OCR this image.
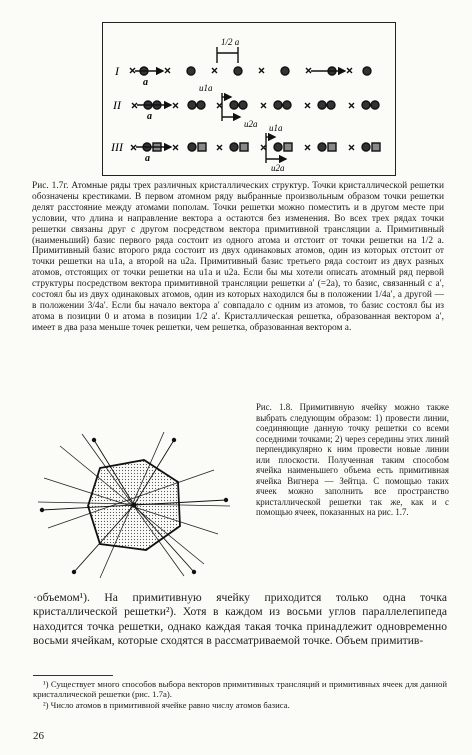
I
a
1/2 a
II
a
u1a
u2a
III
a
u1a
u2a
Рис. 1.7г. Атомные ряды трех различных кристаллических структур. Точки кристаллической решетки обозначены крестиками. В первом атомном ряду выбранные произвольным образом точки решетки делят расстояние между атомами пополам. Точки решетки можно поместить и в другом месте при условии, что длина и направление вектора a остаются без изменения. Во всех трех рядах точки решетки связаны друг с другом посредством вектора примитивной трансляции a. Примитивный (наименьший) базис первого ряда состоит из одного атома и отстоит от точки решетки на 1/2 a. Примитивный базис второго ряда состоит из двух одинаковых атомов, один из которых отстоит от точки решетки на u1a, а второй на u2a. Примитивный базис третьего ряда состоит из двух разных атомов, отстоящих от точки решетки на u1a и u2a. Если бы мы хотели описать атомный ряд первой структуры посредством вектора примитивной трансляции решетки a′ (=2a), то базис, связанный с a′, состоял бы из двух одинаковых атомов, один из которых находился бы в положении 1/4a′, а другой — в положении 3/4a′. Если бы начало вектора a′ совпадало с одним из атомов, то базис состоял бы из атома в позиции 0 и атома в позиции 1/2 a′. Кристаллическая решетка, образованная вектором a′, имеет в два раза меньше точек решетки, чем решетка, образованная вектором a.
Рис. 1.8. Примитивную ячейку можно также выбрать следующим образом: 1) провести линии, соединяющие данную точку решетки со всеми соседними точками; 2) через середины этих линий перпендикулярно к ним провести новые линии или плоскости. Полученная таким способом ячейка наименьшего объема есть примитивная ячейка Вигнера — Зейтца. С помощью таких ячеек можно заполнить все пространство кристаллической решетки так же, как и с помощью ячеек, показанных на рис. 1.7.

·объемом¹). На примитивную ячейку приходится только одна точка кристаллической решетки²). Хотя в каждом из восьми углов параллелепипеда находится точка решетки, однако каждая такая точка принадлежит одновременно восьми ячейкам, которые сходятся в рассматриваемой точке. Объем примитив-

¹) Существует много способов выбора векторов примитивных трансляций и примитивных ячеек для данной кристаллической решетки (рис. 1.7а).

²) Число атомов в примитивной ячейке равно числу атомов базиса.

26
